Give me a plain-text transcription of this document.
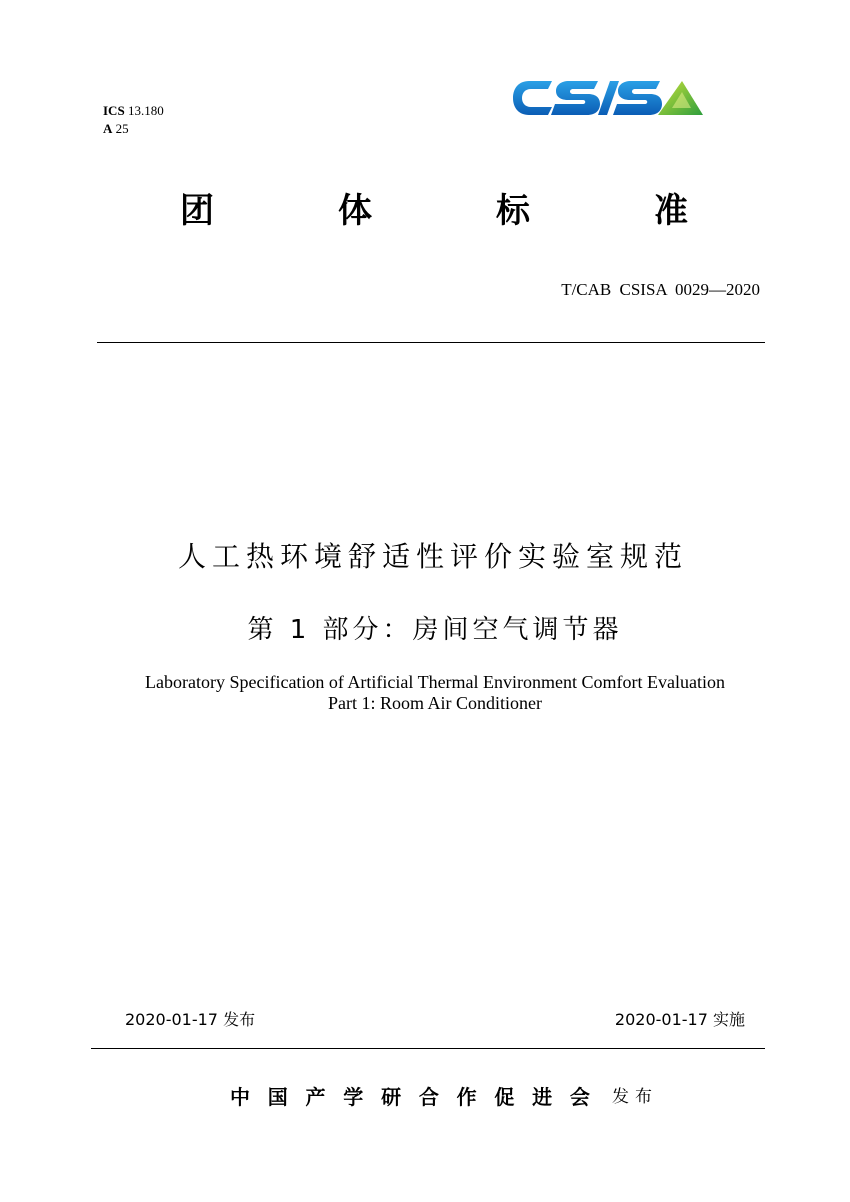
ICS 13.180
A 25
团	体	标	准
T/CAB CSISA 0029—2020
人工热环境舒适性评价实验室规范
第 1 部分：房间空气调节器
Laboratory Specification of Artificial Thermal Environment Comfort Evaluation
Part 1: Room Air Conditioner
2020-01-17 发布	2020-01-17 实施
中 国 产 学 研 合 作 促 进 会 发布
